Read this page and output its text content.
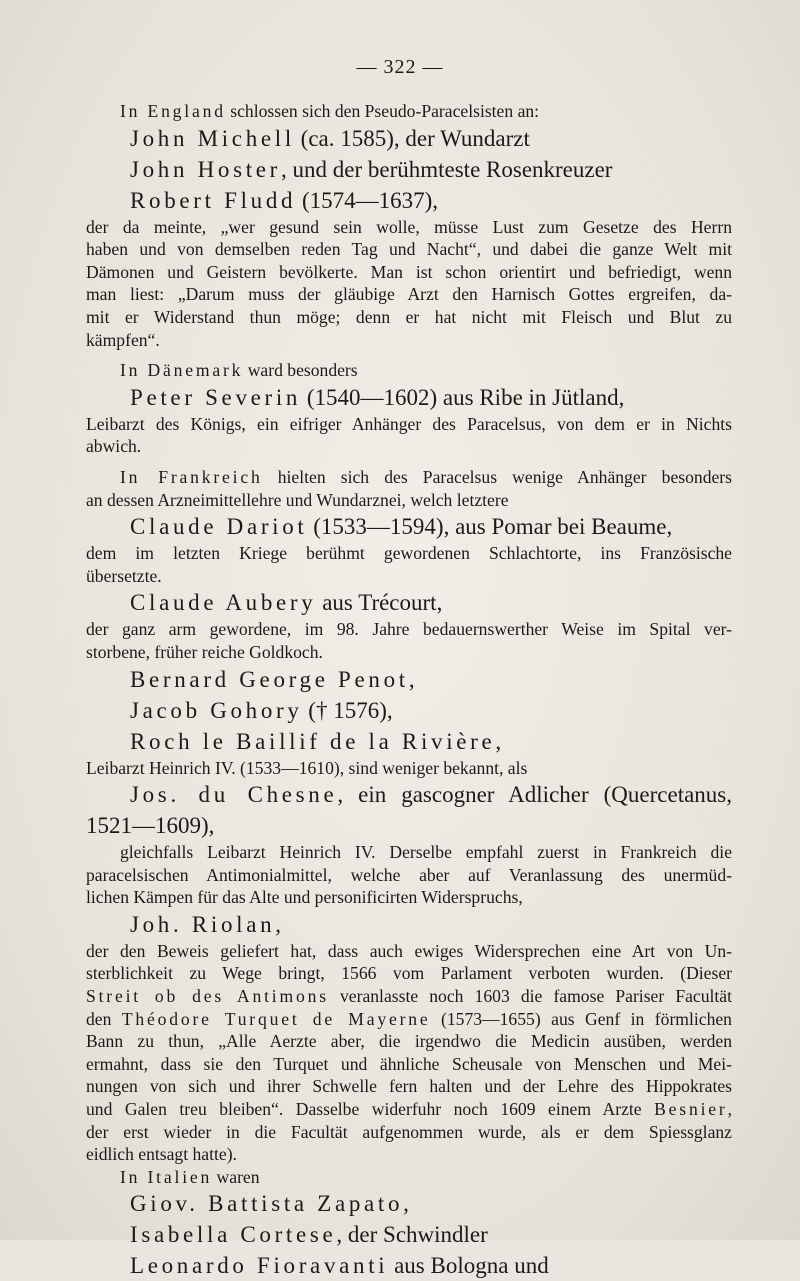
— 322 —
In England schlossen sich den Pseudo-Paracelsisten an:
John Michell (ca. 1585), der Wundarzt
John Hoster, und der berühmteste Rosenkreuzer
Robert Fludd (1574—1637),
der da meinte, „wer gesund sein wolle, müsse Lust zum Gesetze des Herrn
haben und von demselben reden Tag und Nacht“, und dabei die ganze Welt mit
Dämonen und Geistern bevölkerte. Man ist schon orientirt und befriedigt, wenn
man liest: „Darum muss der gläubige Arzt den Harnisch Gottes ergreifen, da-
mit er Widerstand thun möge; denn er hat nicht mit Fleisch und Blut zu
kämpfen“.
In Dänemark ward besonders
Peter Severin (1540—1602) aus Ribe in Jütland,
Leibarzt des Königs, ein eifriger Anhänger des Paracelsus, von dem er in Nichts
abwich.
In Frankreich hielten sich des Paracelsus wenige Anhänger besonders
an dessen Arzneimittellehre und Wundarznei, welch letztere
Claude Dariot (1533—1594), aus Pomar bei Beaume,
dem im letzten Kriege berühmt gewordenen Schlachtorte, ins Französische
übersetzte.
Claude Aubery aus Trécourt,
der ganz arm gewordene, im 98. Jahre bedauernswerther Weise im Spital ver-
storbene, früher reiche Goldkoch.
Bernard George Penot,
Jacob Gohory († 1576),
Roch le Baillif de la Rivière,
Leibarzt Heinrich IV. (1533—1610), sind weniger bekannt, als
Jos. du Chesne, ein gascogner Adlicher (Quercetanus,
1521—1609),
gleichfalls Leibarzt Heinrich IV. Derselbe empfahl zuerst in Frankreich die
paracelsischen Antimonialmittel, welche aber auf Veranlassung des unermüd-
lichen Kämpen für das Alte und personificirten Widerspruchs,
Joh. Riolan,
der den Beweis geliefert hat, dass auch ewiges Widersprechen eine Art von Un-
sterblichkeit zu Wege bringt, 1566 vom Parlament verboten wurden. (Dieser
Streit ob des Antimons veranlasste noch 1603 die famose Pariser Facultät
den Théodore Turquet de Mayerne (1573—1655) aus Genf in förmlichen
Bann zu thun, „Alle Aerzte aber, die irgendwo die Medicin ausüben, werden
ermahnt, dass sie den Turquet und ähnliche Scheusale von Menschen und Mei-
nungen von sich und ihrer Schwelle fern halten und der Lehre des Hippokrates
und Galen treu bleiben“. Dasselbe widerfuhr noch 1609 einem Arzte Besnier,
der erst wieder in die Facultät aufgenommen wurde, als er dem Spiessglanz
eidlich entsagt hatte).
In Italien waren
Giov. Battista Zapato,
Isabella Cortese, der Schwindler
Leonardo Fioravanti aus Bologna und
